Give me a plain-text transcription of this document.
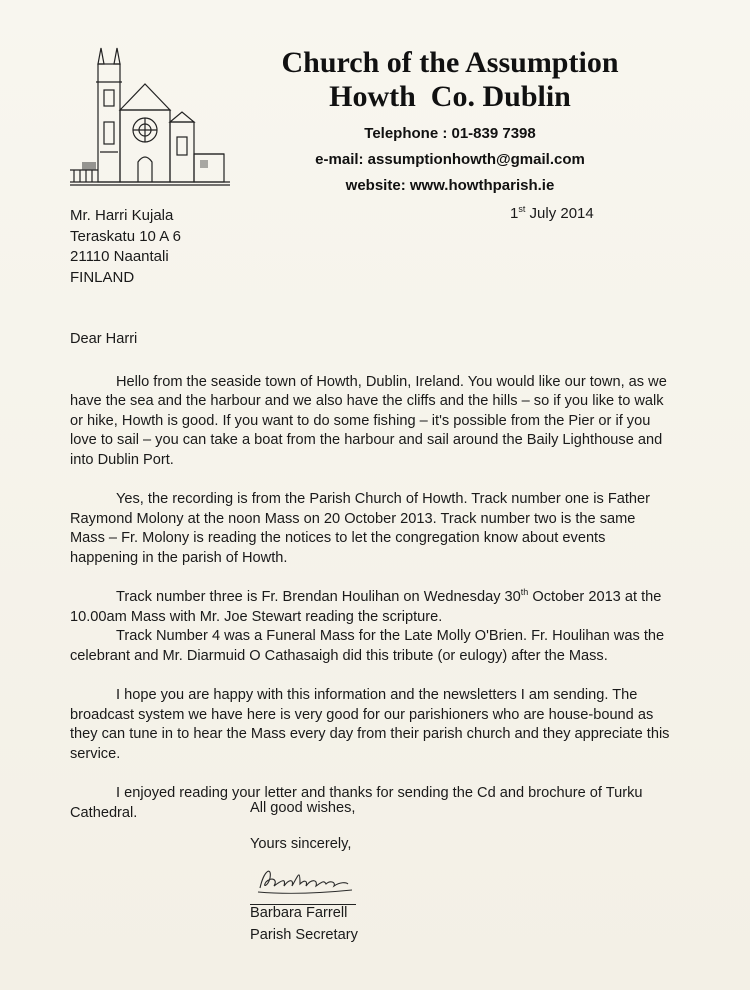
Church of the Assumption
Howth  Co. Dublin
Telephone : 01-839 7398
e-mail: assumptionhowth@gmail.com
website: www.howthparish.ie
1st July 2014
Mr. Harri Kujala
Teraskatu 10 A 6
21110 Naantali
FINLAND

Dear Harri

Hello from the seaside town of Howth, Dublin, Ireland. You would like our town, as we have the sea and the harbour and we also have the cliffs and the hills – so if you like to walk or hike, Howth is good. If you want to do some fishing – it's possible from the Pier or if you love to sail – you can take a boat from the harbour and sail around the Baily Lighthouse and into Dublin Port.

Yes, the recording is from the Parish Church of Howth. Track number one is Father Raymond Molony at the noon Mass on 20 October 2013. Track number two is the same Mass – Fr. Molony is reading the notices to let the congregation know about events happening in the parish of Howth.

Track number three is Fr. Brendan Houlihan on Wednesday 30th October 2013 at the 10.00am Mass with Mr. Joe Stewart reading the scripture.

Track Number 4 was a Funeral Mass for the Late Molly O'Brien. Fr. Houlihan was the celebrant and Mr. Diarmuid O Cathasaigh did this tribute (or eulogy) after the Mass.

I hope you are happy with this information and the newsletters I am sending. The broadcast system we have here is very good for our parishioners who are house-bound as they can tune in to hear the Mass every day from their parish church and they appreciate this service.

I enjoyed reading your letter and thanks for sending the Cd and brochure of Turku Cathedral.	All good wishes,
Yours sincerely,
Barbara Farrell
Parish Secretary
